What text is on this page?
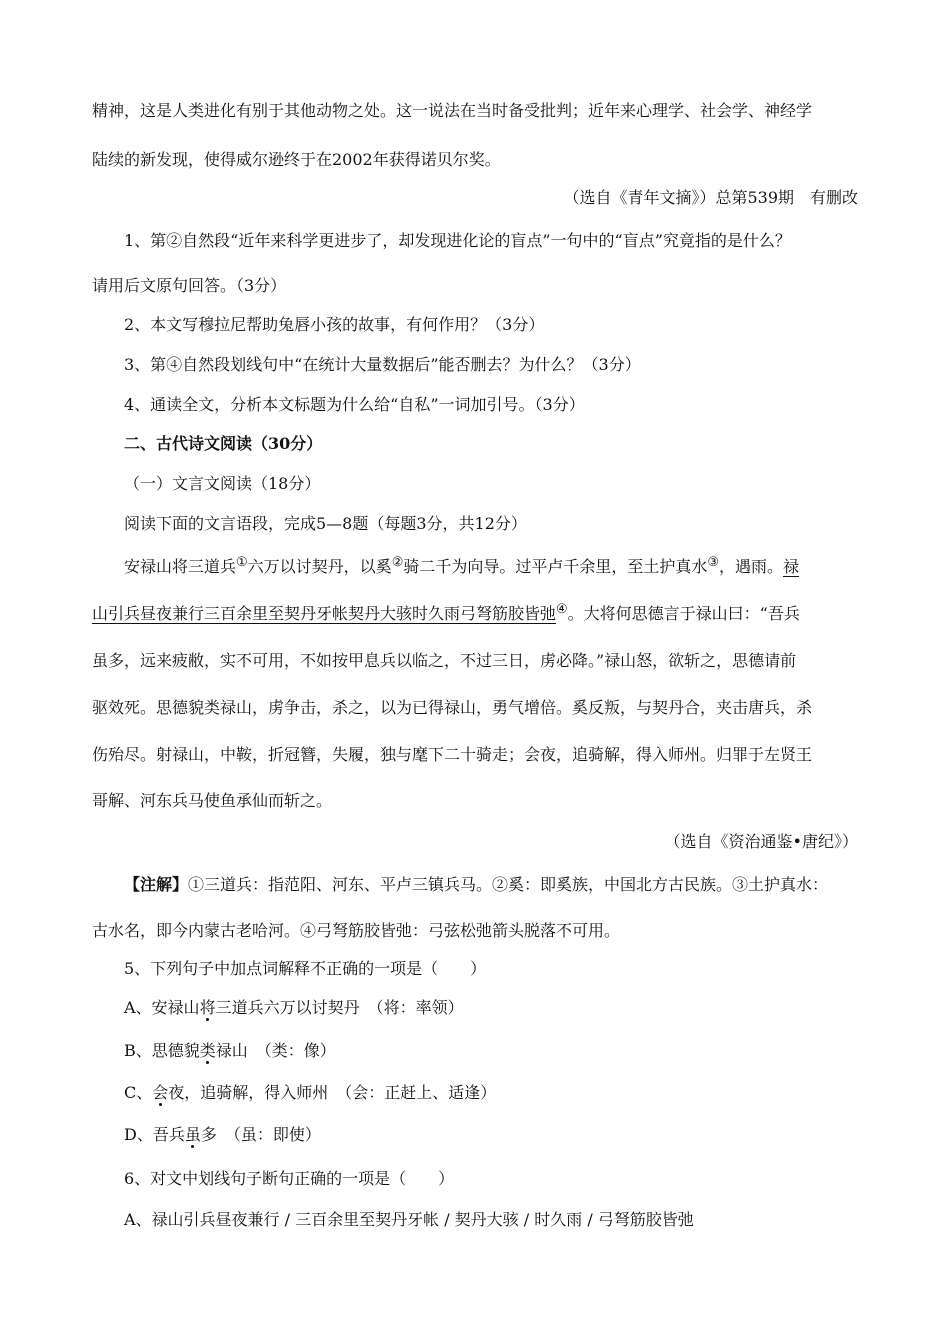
精神，这是人类进化有别于其他动物之处。这一说法在当时备受批判；近年来心理学、社会学、神经学
陆续的新发现，使得威尔逊终于在2002年获得诺贝尔奖。
（选自《青年文摘》）总第539期　有删改
1、第②自然段“近年来科学更进步了，却发现进化论的盲点”一句中的“盲点”究竟指的是什么？
请用后文原句回答。（3分）
2、本文写穆拉尼帮助兔唇小孩的故事，有何作用？（3分）
3、第④自然段划线句中“在统计大量数据后”能否删去？为什么？（3分）
4、通读全文，分析本文标题为什么给“自私”一词加引号。（3分）
二、古代诗文阅读（30分）
（一）文言文阅读（18分）
阅读下面的文言语段，完成5—8题（每题3分，共12分）
安禄山将三道兵①六万以讨契丹，以奚②骑二千为向导。过平卢千余里，至土护真水③，遇雨。禄
山引兵昼夜兼行三百余里至契丹牙帐契丹大骇时久雨弓弩筋胶皆弛④。大将何思德言于禄山曰：“吾兵
虽多，远来疲敝，实不可用，不如按甲息兵以临之，不过三日，虏必降。”禄山怒，欲斩之，思德请前
驱效死。思德貌类禄山，虏争击，杀之，以为已得禄山，勇气增倍。奚反叛，与契丹合，夹击唐兵，杀
伤殆尽。射禄山，中鞍，折冠簪，失履，独与麾下二十骑走；会夜，追骑解，得入师州。归罪于左贤王
哥解、河东兵马使鱼承仙而斩之。
（选自《资治通鉴•唐纪》）
【注解】①三道兵：指范阳、河东、平卢三镇兵马。②奚：即奚族，中国北方古民族。③土护真水：
古水名，即今内蒙古老哈河。④弓弩筋胶皆弛：弓弦松弛箭头脱落不可用。
5、下列句子中加点词解释不正确的一项是（　　）
A、安禄山将三道兵六万以讨契丹　（将：率领）
B、思德貌类禄山　（类：像）
C、会夜，追骑解，得入师州　（会：正赶上、适逢）
D、吾兵虽多　（虽：即使）
6、对文中划线句子断句正确的一项是（　　）
A、禄山引兵昼夜兼行 / 三百余里至契丹牙帐 / 契丹大骇 / 时久雨 / 弓弩筋胶皆弛
